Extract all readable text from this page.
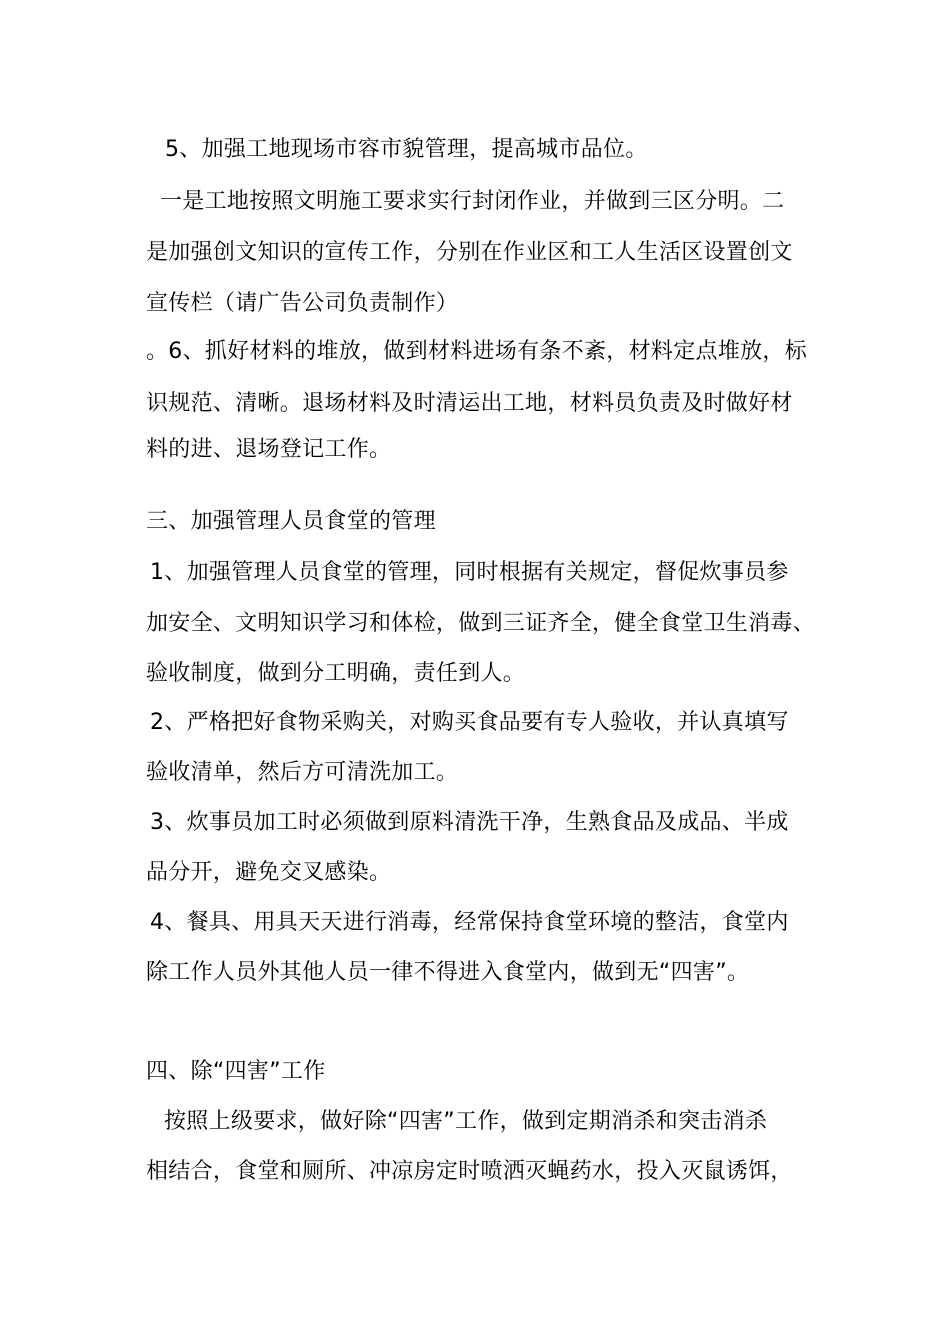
5、加强工地现场市容市貌管理，提高城市品位。
一是工地按照文明施工要求实行封闭作业，并做到三区分明。二
是加强创文知识的宣传工作，分别在作业区和工人生活区设置创文
宣传栏（请广告公司负责制作）
。6、抓好材料的堆放，做到材料进场有条不紊，材料定点堆放，标
识规范、清晰。退场材料及时清运出工地，材料员负责及时做好材
料的进、退场登记工作。
三、加强管理人员食堂的管理
1、加强管理人员食堂的管理，同时根据有关规定，督促炊事员参
加安全、文明知识学习和体检，做到三证齐全，健全食堂卫生消毒、
验收制度，做到分工明确，责任到人。
2、严格把好食物采购关，对购买食品要有专人验收，并认真填写
验收清单，然后方可清洗加工。
3、炊事员加工时必须做到原料清洗干净，生熟食品及成品、半成
品分开，避免交叉感染。
4、餐具、用具天天进行消毒，经常保持食堂环境的整洁，食堂内
除工作人员外其他人员一律不得进入食堂内，做到无“四害”。
四、除“四害”工作
按照上级要求，做好除“四害”工作，做到定期消杀和突击消杀
相结合，食堂和厕所、冲凉房定时喷洒灭蝇药水，投入灭鼠诱饵，
